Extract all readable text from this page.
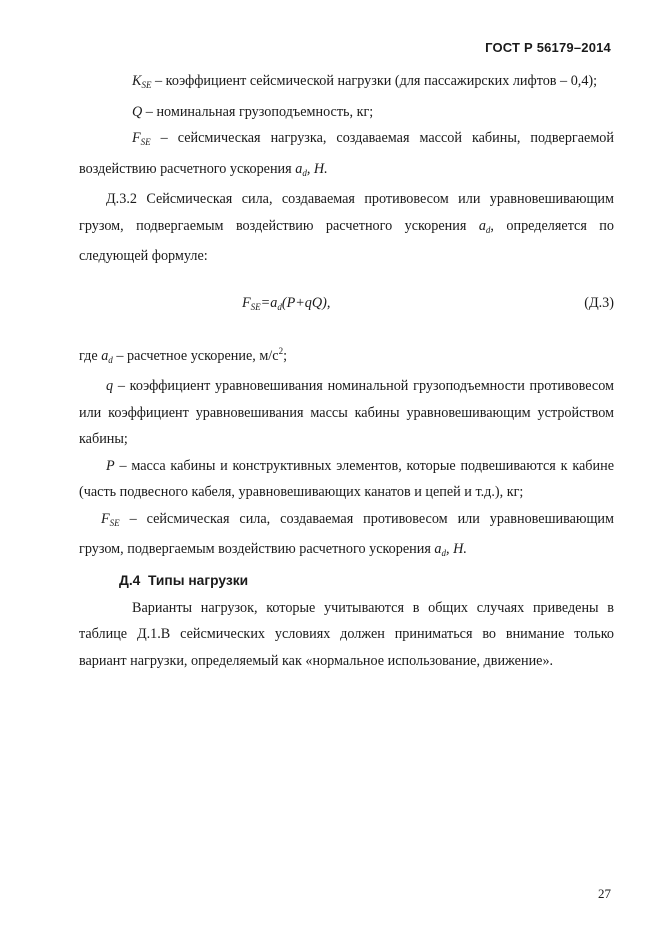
ГОСТ Р 56179–2014

$K_{SE}$ – коэффициент сейсмической нагрузки (для пассажирских лифтов – 0,4);

Q – номинальная грузоподъемность, кг;

$F_{SE}$ – сейсмическая нагрузка, создаваемая массой кабины, подвергаемой воздействию расчетного ускорения $a_d$, Н.

Д.3.2 Сейсмическая сила, создаваемая противовесом или уравновешивающим грузом, подвергаемым воздействию расчетного ускорения $a_d$, определяется по следующей формуле:

$F_{SE}=a_d(P+qQ)$,	(Д.3)

где $a_d$ – расчетное ускорение, $м/с^2$;

q – коэффициент уравновешивания номинальной грузоподъемности противовесом или коэффициент уравновешивания массы кабины уравновешивающим устройством кабины;

P – масса кабины и конструктивных элементов, которые подвешиваются к кабине (часть подвесного кабеля, уравновешивающих канатов и цепей и т.д.), кг;

$F_{SE}$ – сейсмическая сила, создаваемая противовесом или уравновешивающим грузом, подвергаемым воздействию расчетного ускорения $a_d$, Н.

Д.4 Типы нагрузки

Варианты нагрузок, которые учитываются в общих случаях приведены в таблице Д.1.В сейсмических условиях должен приниматься во внимание только вариант нагрузки, определяемый как «нормальное использование, движение».

27
